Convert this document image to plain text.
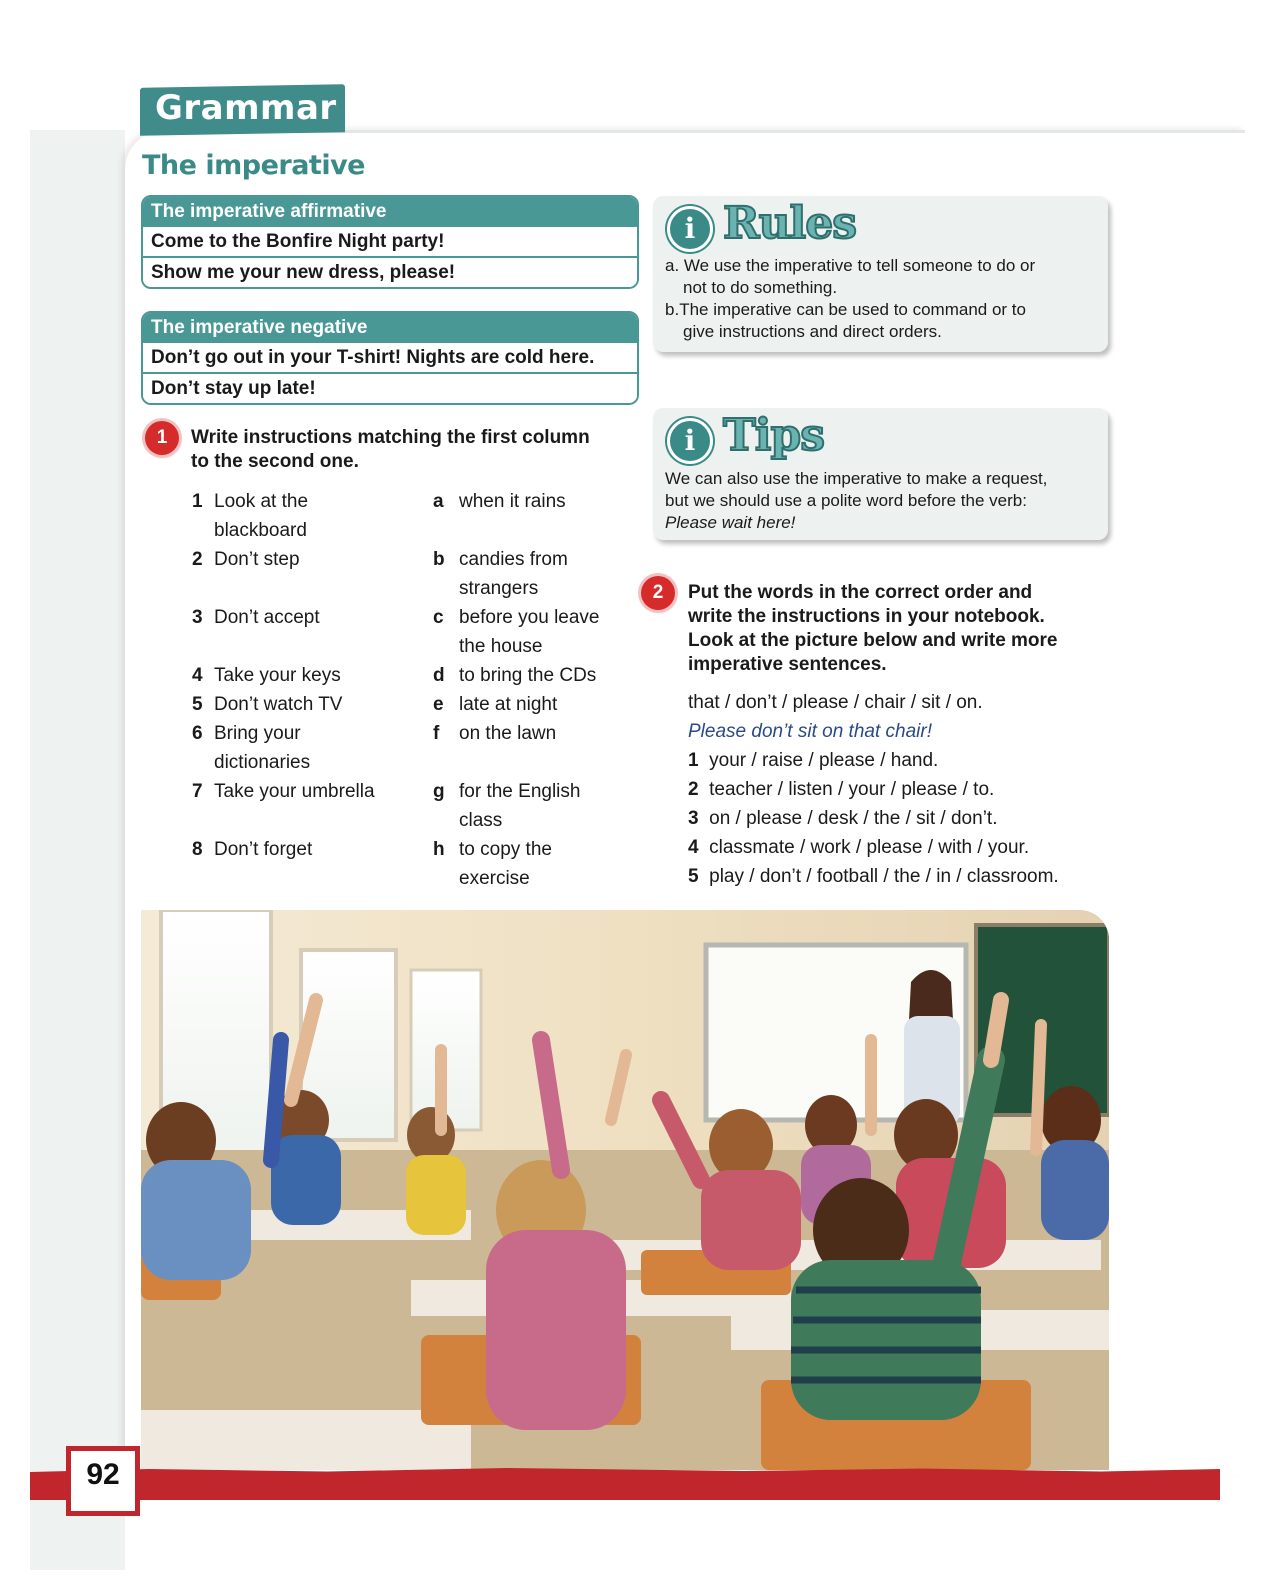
Grammar
The imperative
The imperative affirmative
Come to the Bonfire Night party!
Show me your new dress, please!
The imperative negative
Don’t go out in your T-shirt! Nights are cold here.
Don’t stay up late!
i Rules
a. We use the imperative to tell someone to do or
not to do something.
b.The imperative can be used to command or to
give instructions and direct orders.
i Tips
We can also use the imperative to make a request,
but we should use a polite word before the verb:
Please wait here!
1	Write instructions matching the first column
to the second one.
1 Look at the
blackboard
2 Don’t step
3 Don’t accept
4 Take your keys
5 Don’t watch TV
6 Bring your
dictionaries
7 Take your umbrella
8 Don’t forget
a when it rains
b candies from
strangers
c before you leave
the house
d to bring the CDs
e late at night
f on the lawn
g for the English
class
h to copy the
exercise
2	Put the words in the correct order and
write the instructions in your notebook.
Look at the picture below and write more
imperative sentences.
that / don’t / please / chair / sit / on.
Please don’t sit on that chair!
1 your / raise / please / hand.
2 teacher / listen / your / please / to.
3 on / please / desk / the / sit / don’t.
4 classmate / work / please / with / your.
5 play / don’t / football / the / in / classroom.
92
